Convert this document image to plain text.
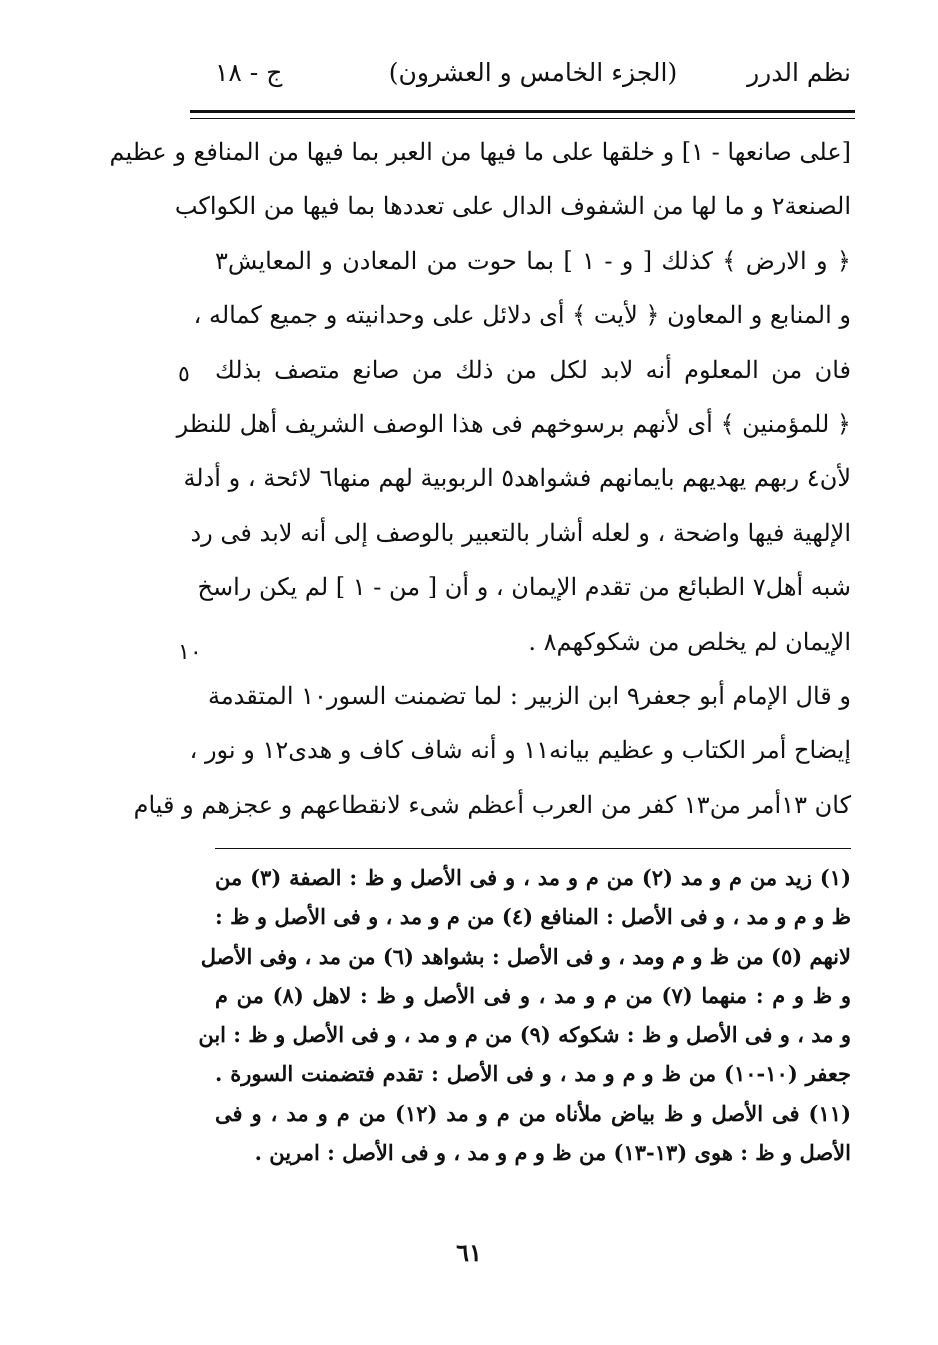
نظم الدرر
(الجزء الخامس و العشرون)
ج - ١٨
[على صانعها - ١] و خلقها على ما فيها من العبر بما فيها من المنافع و عظيم
الصنعة٢ و ما لها من الشفوف الدال على تعددها بما فيها من الكواكب
﴿ و الارض ﴾ كذلك [ و - ١ ] بما حوت من المعادن و المعايش٣
و المنابع و المعاون ﴿ لأيت ﴾ أى دلائل على وحدانيته و جميع كماله ،
فان من المعلوم أنه لابد لكل من ذلك من صانع متصف بذلك
﴿ للمؤمنين ﴾ أى لأنهم برسوخهم فى هذا الوصف الشريف أهل للنظر
لأن٤ ربهم يهديهم بايمانهم فشواهد٥ الربوبية لهم منها٦ لائحة ، و أدلة
الإلهية فيها واضحة ، و لعله أشار بالتعبير بالوصف إلى أنه لابد فى رد
شبه أهل٧ الطبائع من تقدم الإيمان ، و أن [ من - ١ ] لم يكن راسخ
الإيمان لم يخلص من شكوكهم٨ .
و قال الإمام أبو جعفر٩ ابن الزبير : لما تضمنت السور١٠ المتقدمة
إيضاح أمر الكتاب و عظيم بيانه١١ و أنه شاف كاف و هدى١٢ و نور ،
كان ١٣أمر من١٣ كفر من العرب أعظم شىء لانقطاعهم و عجزهم و قيام
٥
١٠
(١) زيد من م و مد (٢) من م و مد ، و فى الأصل و ظ : الصفة (٣) من
ظ و م و مد ، و فى الأصل : المنافع (٤) من م و مد ، و فى الأصل و ظ :
لانهم (٥) من ظ و م ومد ، و فى الأصل : بشواهد (٦) من مد ، وفى الأصل
و ظ و م : منهما (٧) من م و مد ، و فى الأصل و ظ : لاهل (٨) من م
و مد ، و فى الأصل و ظ : شكوكه (٩) من م و مد ، و فى الأصل و ظ : ابن
جعفر (١٠-١٠) من ظ و م و مد ، و فى الأصل : تقدم فتضمنت السورة .
(١١) فى الأصل و ظ بياض ملأناه من م و مد (١٢) من م و مد ، و فى
الأصل و ظ : هوى (١٣-١٣) من ظ و م و مد ، و فى الأصل : امرين .
٦١
